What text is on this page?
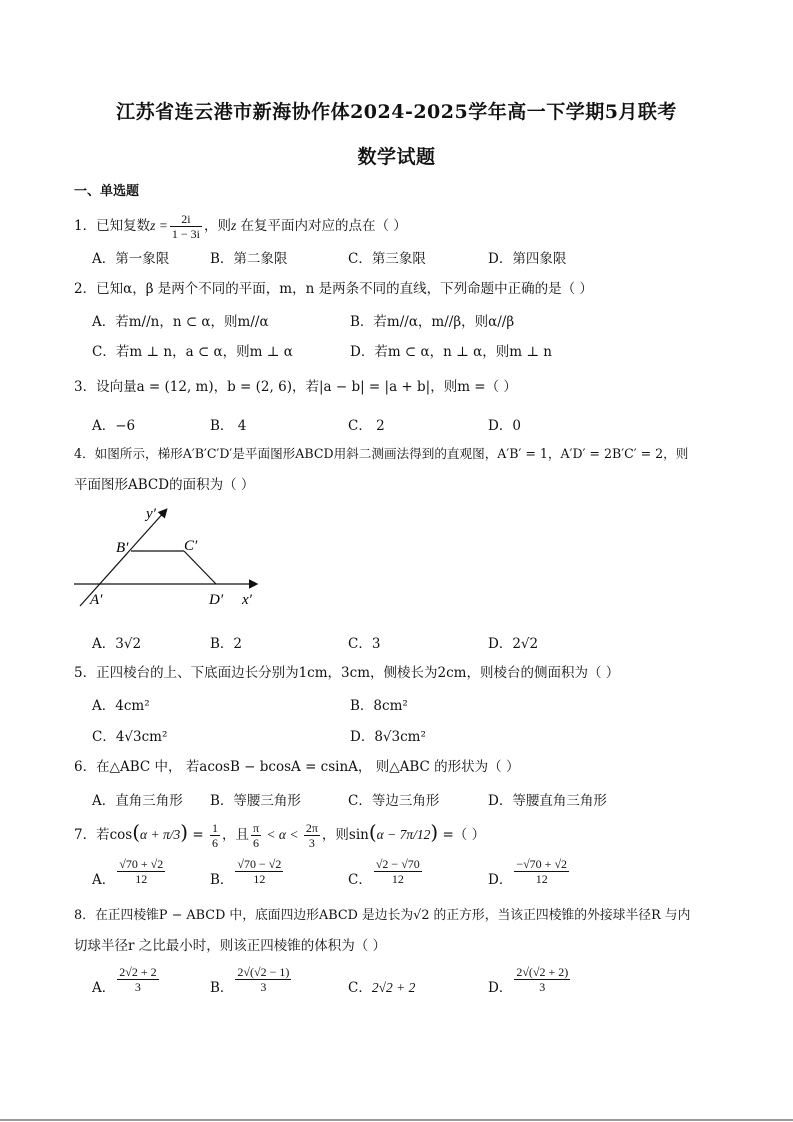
江苏省连云港市新海协作体2024-2025学年高一下学期5月联考
数学试题
一、单选题
1．已知复数$z = \frac{2i}{1 - 3i}$ ，则z 在复平面内对应的点在（ ）
A．第一象限	B．第二象限	C．第三象限	D．第四象限
2．已知α，β 是两个不同的平面，m，n 是两条不同的直线，下列命题中正确的是（ ）
A．若m//n，n ⊂ α，则m//α	B．若m//α，m//β，则α//β
C．若m ⊥ n，a ⊂ α，则m ⊥ α	D．若m ⊂ α，n ⊥ α，则m ⊥ n
3．设向量a = (12, m)，b = (2, 6)，若|a − b| = |a + b|，则m =（ ）
A．−6	B． 4	C． 2	D．0
4．如图所示，梯形A′B′C′D′是平面图形ABCD用斜二测画法得到的直观图，A′B′ = 1，A′D′ = 2B′C′ = 2，则
平面图形ABCD的面积为（ ）
y′
x′
A′
B′	C′
D′
A．3√2	B．2	C．3	D．2√2
5．正四棱台的上、下底面边长分别为1cm，3cm，侧棱长为2cm，则棱台的侧面积为（ ）
A．4cm²	B．8cm²
C．4√3cm²	D．8√3cm²
6．在△ABC 中， 若acosB − bcosA = csinA， 则△ABC 的形状为（ ）
A．直角三角形 B．等腰三角形	C．等边三角形	D．等腰直角三角形
7．若$\cos(\alpha + \pi/3) = \frac{1}{6}$ ，且 $\frac{\pi}{6} < \alpha < \frac{2\pi}{3}$ ，则sin(α − 7π/12) =（ ）
A． $\frac{√70 + √2}{12}$	B． $\frac{√70 - √2}{12}$	C． $\frac{√2 - √70}{12}$	D． $\frac{-√70 + √2}{12}$
8．在正四棱锥P − ABCD 中，底面四边形ABCD 是边长为√2 的正方形，当该正四棱锥的外接球半径R 与内
切球半径r 之比最小时，则该正四棱锥的体积为（ ）
A． $\frac{2√2 + 2}{3}$	B． $\frac{2√(√2 - 1)}{3}$	C．2√2 + 2	D． $\frac{2√(√2 + 2)}{3}$
